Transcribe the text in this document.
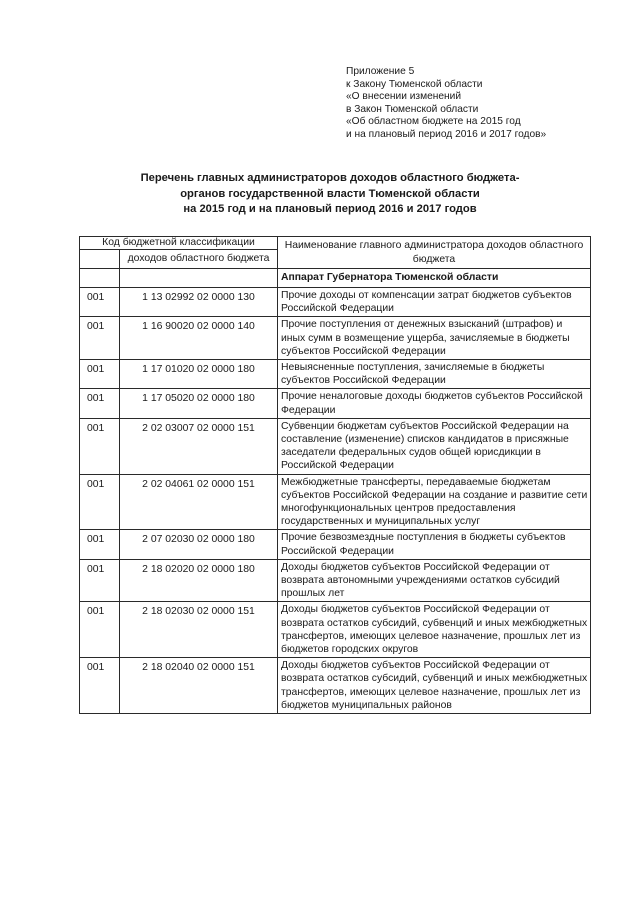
Приложение 5
к Закону Тюменской области
«О внесении изменений
в Закон Тюменской области
«Об областном бюджете на 2015 год
и на плановый период 2016 и 2017 годов»
Перечень главных администраторов доходов областного бюджета-
органов государственной власти Тюменской области
на 2015 год и на плановый период 2016 и 2017 годов
Код бюджетной классификации		Наименование главного администратора доходов областного бюджета
	доходов областного бюджета	
		Аппарат Губернатора Тюменской области
001	1 13 02992 02 0000 130	Прочие доходы от компенсации затрат бюджетов субъектов Российской Федерации
001	1 16 90020 02 0000 140	Прочие поступления от денежных взысканий (штрафов) и иных сумм в возмещение ущерба, зачисляемые в бюджеты субъектов Российской Федерации
001	1 17 01020 02 0000 180	Невыясненные поступления, зачисляемые в бюджеты субъектов Российской Федерации
001	1 17 05020 02 0000 180	Прочие неналоговые доходы бюджетов субъектов Российской Федерации
001	2 02 03007 02 0000 151	Субвенции бюджетам субъектов Российской Федерации на составление (изменение) списков кандидатов в присяжные заседатели федеральных судов общей юрисдикции в Российской Федерации
001	2 02 04061 02 0000 151	Межбюджетные трансферты, передаваемые бюджетам субъектов Российской Федерации на создание и развитие сети многофункциональных центров предоставления государственных и муниципальных услуг
001	2 07 02030 02 0000 180	Прочие безвозмездные поступления в бюджеты субъектов Российской Федерации
001	2 18 02020 02 0000 180	Доходы бюджетов субъектов Российской Федерации от возврата автономными учреждениями остатков субсидий прошлых лет
001	2 18 02030 02 0000 151	Доходы бюджетов субъектов Российской Федерации от возврата остатков субсидий, субвенций и иных межбюджетных трансфертов, имеющих целевое назначение, прошлых лет из бюджетов городских округов
001	2 18 02040 02 0000 151	Доходы бюджетов субъектов Российской Федерации от возврата остатков субсидий, субвенций и иных межбюджетных трансфертов, имеющих целевое назначение, прошлых лет из бюджетов муниципальных районов
